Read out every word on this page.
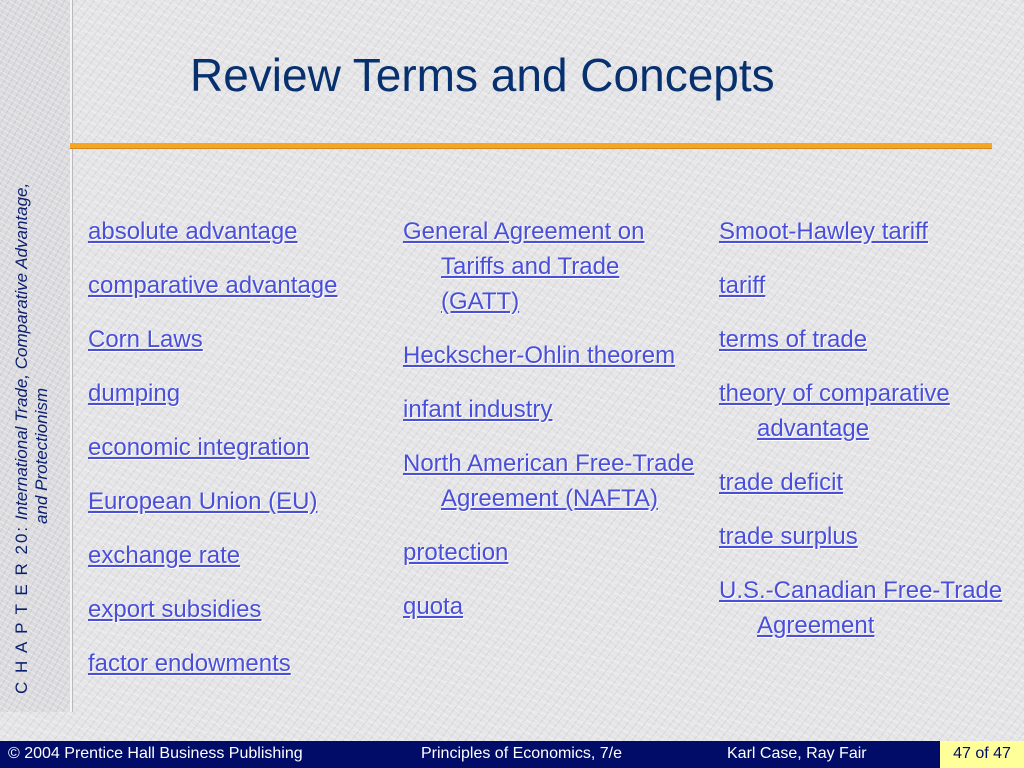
C H A P T E R 20: International Trade, Comparative Advantage, and Protectionism
Review Terms and Concepts
absolute advantage
comparative advantage
Corn Laws
dumping
economic integration
European Union (EU)
exchange rate
export subsidies
factor endowments
General Agreement on Tariffs and Trade (GATT)
Heckscher-Ohlin theorem
infant industry
North American Free-Trade Agreement (NAFTA)
protection
quota
Smoot-Hawley tariff
tariff
terms of trade
theory of comparative advantage
trade deficit
trade surplus
U.S.-Canadian Free-Trade Agreement
© 2004 Prentice Hall Business Publishing	Principles of Economics, 7/e	Karl Case, Ray Fair	47 of 47
